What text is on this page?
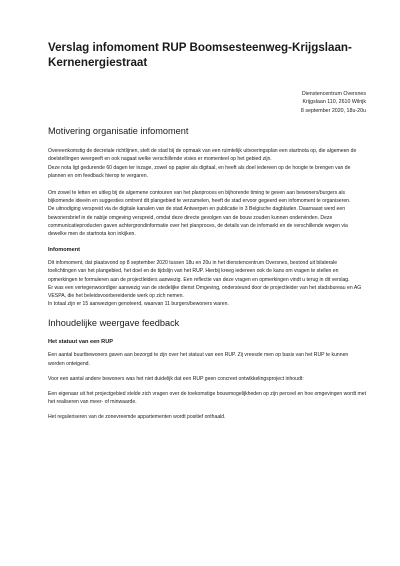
Verslag infomoment RUP Boomsesteenweg-Krijgslaan-
Kernenergiestraat
Dienstencentrum Oversnes
Krijgslaan 110, 2610 Wilrijk
8 september 2020, 18u-20u
Motivering organisatie infomoment

Overeenkomstig de decretale richtlijnen, stelt de stad bij de opmaak van een ruimtelijk uitvoeringsplan een startnota op, die algemeen de doelstellingen weergeeft en ook nagaat welke verschillende visies er momenteel op het gebied zijn.

Deze nota ligt gedurende 60 dagen ter inzage, zowel op papier als digitaal, en heeft als doel iedereen op de hoogte te brengen van de plannen en om feedback hierop te vergaren.

Om zowel te letten en uitleg bij de algemene contouren van het planproces en bijhorende timing te geven aan bewoners/burgers als bijkomende ideeën en suggesties omtrent dit plangebied te verzamelen, heeft de stad ervoor gegeerd een infomoment te organiseren.

De uitnodiging verspreid via de digitale kanalen van de stad Antwerpen en publicatie in 3 Belgische dagbladen. Daarnaast werd een bewonersbrief in de nabije omgeving verspreid, omdat deze directe gevolgen van de bouw zouden kunnen ondervinden. Deze communicatieproducten gaven achtergrondinformatie over het planproces, de details van de infomarkt en de verschillende wegen via dewelke men de startnota kon inkijken.

Infomoment

Dit infomoment, dat plaatsvond op 8 september 2020 tussen 18u en 20u in het dienstencentrum Oversnes, bestond uit bilaterale toelichtingen van het plangebied, het doel en de tijdslijn van het RUP. Hierbij kreeg iedereen ook de kans om vragen te stellen en opmerkingen te formuleren aan de projectleiders aanwezig. Een reflectie van deze vragen en opmerkingen vindt u terug in dit verslag.

Er was een vertegenwoordiger aanwezig van de stedelijke dienst Omgeving, ondersteund door de projectleider van het stadsbureau en AG VESPA, die het beleidsvoorbereidende werk op zich nemen.

In totaal zijn er 15 aanwezigen genoteerd, waarvan 11 burgers/bewoners waren.

Inhoudelijke weergave feedback
Het statuut van een RUP

Een aantal buurtbewoners gaven aan bezorgd te zijn over het statuut van een RUP. Zij vreesde men op basis van het RUP te kunnen worden onteigend.

Voor een aantal andere bewoners was het niet duidelijk dat een RUP geen concreet ontwikkelingsproject inhoudt:

Een eigenaar uit het projectgebied stelde zich vragen over de toekomstige bouwmogelijkheden op zijn perceel en hoe omgevingen wordt met het realiseren van meer- of minwaarde.

Het reguleriseren van de zonevreemde appartementen wordt positief onthaald.
